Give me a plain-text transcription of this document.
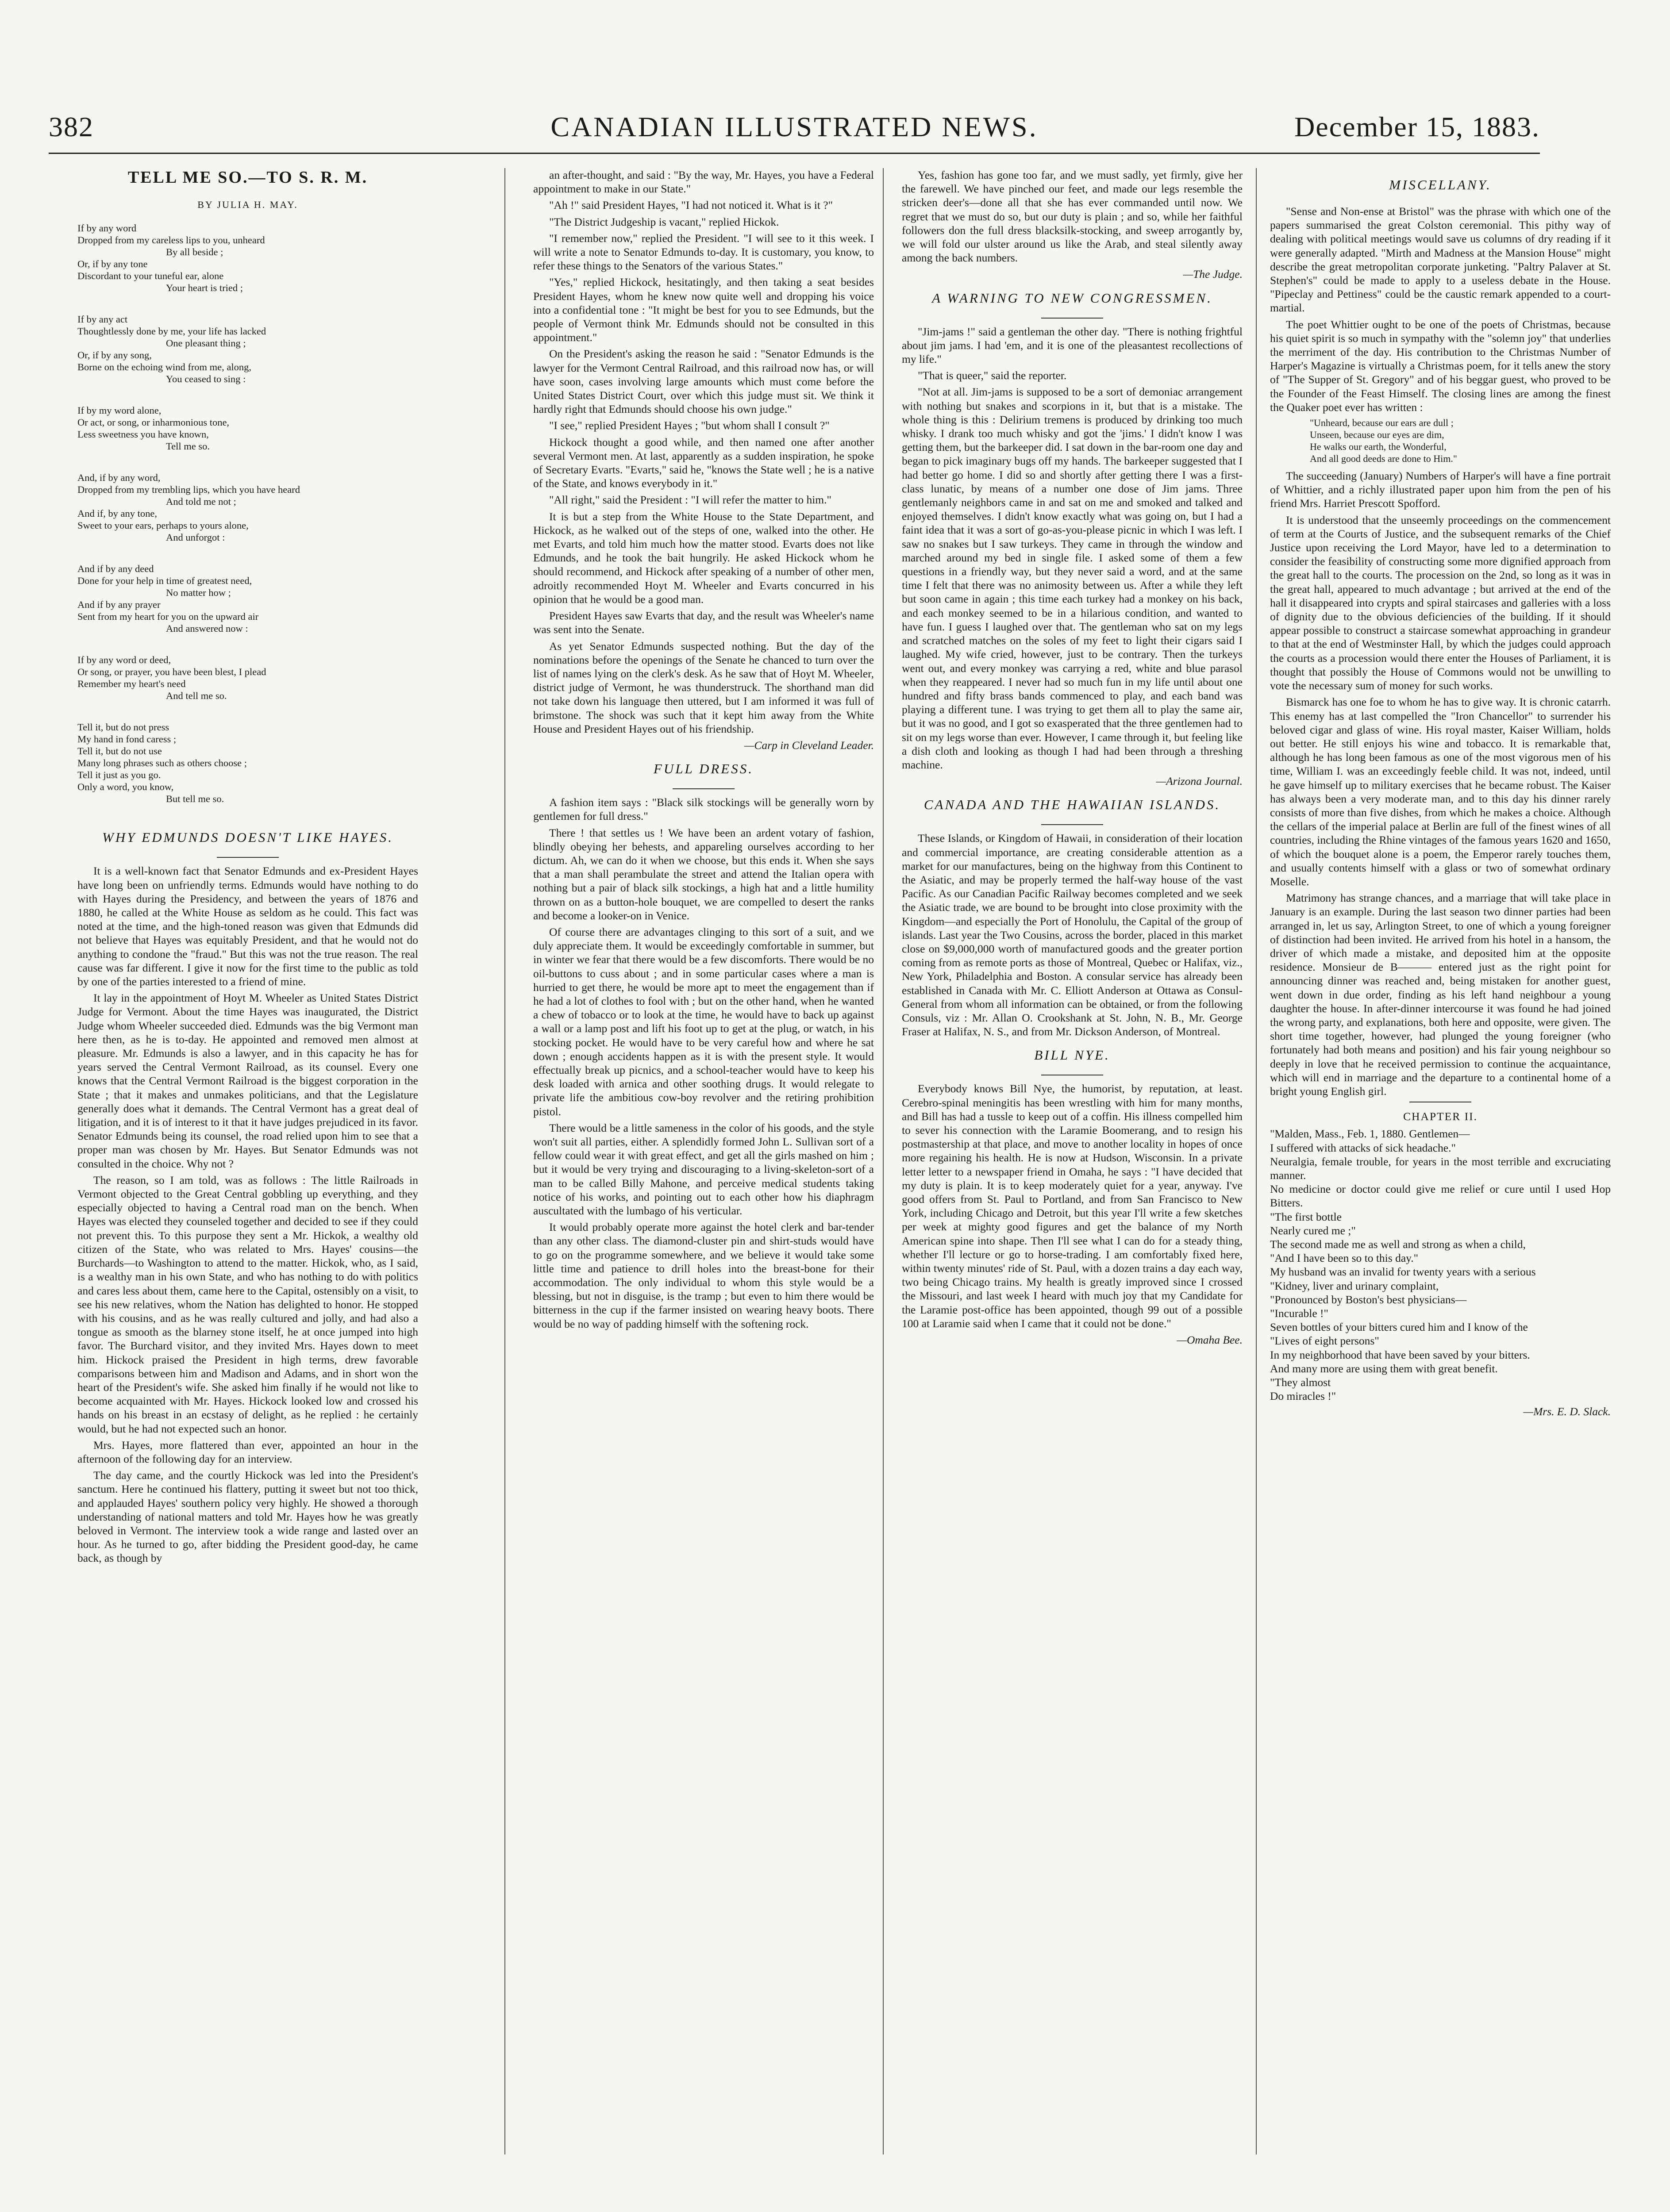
382	CANADIAN ILLUSTRATED NEWS.	December 15, 1883.
TELL ME SO.—TO S. R. M.
BY JULIA H. MAY.
If by any word
Dropped from my careless lips to you, unheard
By all beside ;
Or, if by any tone
Discordant to your tuneful ear, alone
Your heart is tried ;
If by any act
Thoughtlessly done by me, your life has lacked
One pleasant thing ;
Or, if by any song,
Borne on the echoing wind from me, along,
You ceased to sing :
If by my word alone,
Or act, or song, or inharmonious tone,
Less sweetness you have known,
Tell me so.
And, if by any word,
Dropped from my trembling lips, which you have heard
And told me not ;
And if, by any tone,
Sweet to your ears, perhaps to yours alone,
And unforgot :
And if by any deed
Done for your help in time of greatest need,
No matter how ;
And if by any prayer
Sent from my heart for you on the upward air
And answered now :
If by any word or deed,
Or song, or prayer, you have been blest, I plead
Remember my heart's need
And tell me so.
Tell it, but do not press
My hand in fond caress ;
Tell it, but do not use
Many long phrases such as others choose ;
Tell it just as you go.
Only a word, you know,
But tell me so.
WHY EDMUNDS DOESN'T LIKE HAYES.

It is a well-known fact that Senator Edmunds and ex-President Hayes have long been on unfriendly terms. Edmunds would have nothing to do with Hayes during the Presidency, and between the years of 1876 and 1880, he called at the White House as seldom as he could. This fact was noted at the time, and the high-toned reason was given that Edmunds did not believe that Hayes was equitably President, and that he would not do anything to condone the "fraud." But this was not the true reason. The real cause was far different. I give it now for the first time to the public as told by one of the parties interested to a friend of mine.

It lay in the appointment of Hoyt M. Wheeler as United States District Judge for Vermont. About the time Hayes was inaugurated, the District Judge whom Wheeler succeeded died. Edmunds was the big Vermont man here then, as he is to-day. He appointed and removed men almost at pleasure. Mr. Edmunds is also a lawyer, and in this capacity he has for years served the Central Vermont Railroad, as its counsel. Every one knows that the Central Vermont Railroad is the biggest corporation in the State ; that it makes and unmakes politicians, and that the Legislature generally does what it demands. The Central Vermont has a great deal of litigation, and it is of interest to it that it have judges prejudiced in its favor. Senator Edmunds being its counsel, the road relied upon him to see that a proper man was chosen by Mr. Hayes. But Senator Edmunds was not consulted in the choice. Why not ?

The reason, so I am told, was as follows : The little Railroads in Vermont objected to the Great Central gobbling up everything, and they especially objected to having a Central road man on the bench. When Hayes was elected they counseled together and decided to see if they could not prevent this. To this purpose they sent a Mr. Hickok, a wealthy old citizen of the State, who was related to Mrs. Hayes' cousins—the Burchards—to Washington to attend to the matter. Hickok, who, as I said, is a wealthy man in his own State, and who has nothing to do with politics and cares less about them, came here to the Capital, ostensibly on a visit, to see his new relatives, whom the Nation has delighted to honor. He stopped with his cousins, and as he was really cultured and jolly, and had also a tongue as smooth as the blarney stone itself, he at once jumped into high favor. The Burchard visitor, and they invited Mrs. Hayes down to meet him. Hickock praised the President in high terms, drew favorable comparisons between him and Madison and Adams, and in short won the heart of the President's wife. She asked him finally if he would not like to become acquainted with Mr. Hayes. Hickock looked low and crossed his hands on his breast in an ecstasy of delight, as he replied : he certainly would, but he had not expected such an honor.

Mrs. Hayes, more flattered than ever, appointed an hour in the afternoon of the following day for an interview.

The day came, and the courtly Hickock was led into the President's sanctum. Here he continued his flattery, putting it sweet but not too thick, and applauded Hayes' southern policy very highly. He showed a thorough understanding of national matters and told Mr. Hayes how he was greatly beloved in Vermont. The interview took a wide range and lasted over an hour. As he turned to go, after bidding the President good-day, he came back, as though by

an after-thought, and said : "By the way, Mr. Hayes, you have a Federal appointment to make in our State."

"Ah !" said President Hayes, "I had not noticed it. What is it ?"

"The District Judgeship is vacant," replied Hickok.

"I remember now," replied the President. "I will see to it this week. I will write a note to Senator Edmunds to-day. It is customary, you know, to refer these things to the Senators of the various States."

"Yes," replied Hickock, hesitatingly, and then taking a seat besides President Hayes, whom he knew now quite well and dropping his voice into a confidential tone : "It might be best for you to see Edmunds, but the people of Vermont think Mr. Edmunds should not be consulted in this appointment."

On the President's asking the reason he said : "Senator Edmunds is the lawyer for the Vermont Central Railroad, and this railroad now has, or will have soon, cases involving large amounts which must come before the United States District Court, over which this judge must sit. We think it hardly right that Edmunds should choose his own judge."

"I see," replied President Hayes ; "but whom shall I consult ?"

Hickock thought a good while, and then named one after another several Vermont men. At last, apparently as a sudden inspiration, he spoke of Secretary Evarts. "Evarts," said he, "knows the State well ; he is a native of the State, and knows everybody in it."

"All right," said the President : "I will refer the matter to him."

It is but a step from the White House to the State Department, and Hickock, as he walked out of the steps of one, walked into the other. He met Evarts, and told him much how the matter stood. Evarts does not like Edmunds, and he took the bait hungrily. He asked Hickock whom he should recommend, and Hickock after speaking of a number of other men, adroitly recommended Hoyt M. Wheeler and Evarts concurred in his opinion that he would be a good man.

President Hayes saw Evarts that day, and the result was Wheeler's name was sent into the Senate.

As yet Senator Edmunds suspected nothing. But the day of the nominations before the openings of the Senate he chanced to turn over the list of names lying on the clerk's desk. As he saw that of Hoyt M. Wheeler, district judge of Vermont, he was thunderstruck. The shorthand man did not take down his language then uttered, but I am informed it was full of brimstone. The shock was such that it kept him away from the White House and President Hayes out of his friendship.

—Carp in Cleveland Leader.
FULL DRESS.

A fashion item says : "Black silk stockings will be generally worn by gentlemen for full dress."

There ! that settles us ! We have been an ardent votary of fashion, blindly obeying her behests, and appareling ourselves according to her dictum. Ah, we can do it when we choose, but this ends it. When she says that a man shall perambulate the street and attend the Italian opera with nothing but a pair of black silk stockings, a high hat and a little humility thrown on as a button-hole bouquet, we are compelled to desert the ranks and become a looker-on in Venice.

Of course there are advantages clinging to this sort of a suit, and we duly appreciate them. It would be exceedingly comfortable in summer, but in winter we fear that there would be a few discomforts. There would be no oil-buttons to cuss about ; and in some particular cases where a man is hurried to get there, he would be more apt to meet the engagement than if he had a lot of clothes to fool with ; but on the other hand, when he wanted a chew of tobacco or to look at the time, he would have to back up against a wall or a lamp post and lift his foot up to get at the plug, or watch, in his stocking pocket. He would have to be very careful how and where he sat down ; enough accidents happen as it is with the present style. It would effectually break up picnics, and a school-teacher would have to keep his desk loaded with arnica and other soothing drugs. It would relegate to private life the ambitious cow-boy revolver and the retiring prohibition pistol.

There would be a little sameness in the color of his goods, and the style won't suit all parties, either. A splendidly formed John L. Sullivan sort of a fellow could wear it with great effect, and get all the girls mashed on him ; but it would be very trying and discouraging to a living-skeleton-sort of a man to be called Billy Mahone, and perceive medical students taking notice of his works, and pointing out to each other how his diaphragm auscultated with the lumbago of his verticular.

It would probably operate more against the hotel clerk and bar-tender than any other class. The diamond-cluster pin and shirt-studs would have to go on the programme somewhere, and we believe it would take some little time and patience to drill holes into the breast-bone for their accommodation. The only individual to whom this style would be a blessing, but not in disguise, is the tramp ; but even to him there would be bitterness in the cup if the farmer insisted on wearing heavy boots. There would be no way of padding himself with the softening rock.

Yes, fashion has gone too far, and we must sadly, yet firmly, give her the farewell. We have pinched our feet, and made our legs resemble the stricken deer's—done all that she has ever commanded until now. We regret that we must do so, but our duty is plain ; and so, while her faithful followers don the full dress blacksilk-stocking, and sweep arrogantly by, we will fold our ulster around us like the Arab, and steal silently away among the back numbers.

—The Judge.
A WARNING TO NEW CONGRESSMEN.

"Jim-jams !" said a gentleman the other day. "There is nothing frightful about jim jams. I had 'em, and it is one of the pleasantest recollections of my life."

"That is queer," said the reporter.

"Not at all. Jim-jams is supposed to be a sort of demoniac arrangement with nothing but snakes and scorpions in it, but that is a mistake. The whole thing is this : Delirium tremens is produced by drinking too much whisky. I drank too much whisky and got the 'jims.' I didn't know I was getting them, but the barkeeper did. I sat down in the bar-room one day and began to pick imaginary bugs off my hands. The barkeeper suggested that I had better go home. I did so and shortly after getting there I was a first-class lunatic, by means of a number one dose of Jim jams. Three gentlemanly neighbors came in and sat on me and smoked and talked and enjoyed themselves. I didn't know exactly what was going on, but I had a faint idea that it was a sort of go-as-you-please picnic in which I was left. I saw no snakes but I saw turkeys. They came in through the window and marched around my bed in single file. I asked some of them a few questions in a friendly way, but they never said a word, and at the same time I felt that there was no animosity between us. After a while they left but soon came in again ; this time each turkey had a monkey on his back, and each monkey seemed to be in a hilarious condition, and wanted to have fun. I guess I laughed over that. The gentleman who sat on my legs and scratched matches on the soles of my feet to light their cigars said I laughed. My wife cried, however, just to be contrary. Then the turkeys went out, and every monkey was carrying a red, white and blue parasol when they reappeared. I never had so much fun in my life until about one hundred and fifty brass bands commenced to play, and each band was playing a different tune. I was trying to get them all to play the same air, but it was no good, and I got so exasperated that the three gentlemen had to sit on my legs worse than ever. However, I came through it, but feeling like a dish cloth and looking as though I had had been through a threshing machine.

—Arizona Journal.
CANADA AND THE HAWAIIAN ISLANDS.

These Islands, or Kingdom of Hawaii, in consideration of their location and commercial importance, are creating considerable attention as a market for our manufactures, being on the highway from this Continent to the Asiatic, and may be properly termed the half-way house of the vast Pacific. As our Canadian Pacific Railway becomes completed and we seek the Asiatic trade, we are bound to be brought into close proximity with the Kingdom—and especially the Port of Honolulu, the Capital of the group of islands. Last year the Two Cousins, across the border, placed in this market close on $9,000,000 worth of manufactured goods and the greater portion coming from as remote ports as those of Montreal, Quebec or Halifax, viz., New York, Philadelphia and Boston. A consular service has already been established in Canada with Mr. C. Elliott Anderson at Ottawa as Consul-General from whom all information can be obtained, or from the following Consuls, viz : Mr. Allan O. Crookshank at St. John, N. B., Mr. George Fraser at Halifax, N. S., and from Mr. Dickson Anderson, of Montreal.

BILL NYE.

Everybody knows Bill Nye, the humorist, by reputation, at least. Cerebro-spinal meningitis has been wrestling with him for many months, and Bill has had a tussle to keep out of a coffin. His illness compelled him to sever his connection with the Laramie Boomerang, and to resign his postmastership at that place, and move to another locality in hopes of once more regaining his health. He is now at Hudson, Wisconsin. In a private letter letter to a newspaper friend in Omaha, he says : "I have decided that my duty is plain. It is to keep moderately quiet for a year, anyway. I've good offers from St. Paul to Portland, and from San Francisco to New York, including Chicago and Detroit, but this year I'll write a few sketches per week at mighty good figures and get the balance of my North American spine into shape. Then I'll see what I can do for a steady thing, whether I'll lecture or go to horse-trading. I am comfortably fixed here, within twenty minutes' ride of St. Paul, with a dozen trains a day each way, two being Chicago trains. My health is greatly improved since I crossed the Missouri, and last week I heard with much joy that my Candidate for the Laramie post-office has been appointed, though 99 out of a possible 100 at Laramie said when I came that it could not be done."

—Omaha Bee.
MISCELLANY.

"Sense and Non-ense at Bristol" was the phrase with which one of the papers summarised the great Colston ceremonial. This pithy way of dealing with political meetings would save us columns of dry reading if it were generally adapted. "Mirth and Madness at the Mansion House" might describe the great metropolitan corporate junketing. "Paltry Palaver at St. Stephen's" could be made to apply to a useless debate in the House. "Pipeclay and Pettiness" could be the caustic remark appended to a court-martial.

The poet Whittier ought to be one of the poets of Christmas, because his quiet spirit is so much in sympathy with the "solemn joy" that underlies the merriment of the day. His contribution to the Christmas Number of Harper's Magazine is virtually a Christmas poem, for it tells anew the story of "The Supper of St. Gregory" and of his beggar guest, who proved to be the Founder of the Feast Himself. The closing lines are among the finest the Quaker poet ever has written :

"Unheard, because our ears are dull ;
Unseen, because our eyes are dim,
He walks our earth, the Wonderful,
And all good deeds are done to Him."

The succeeding (January) Numbers of Harper's will have a fine portrait of Whittier, and a richly illustrated paper upon him from the pen of his friend Mrs. Harriet Prescott Spofford.

It is understood that the unseemly proceedings on the commencement of term at the Courts of Justice, and the subsequent remarks of the Chief Justice upon receiving the Lord Mayor, have led to a determination to consider the feasibility of constructing some more dignified approach from the great hall to the courts. The procession on the 2nd, so long as it was in the great hall, appeared to much advantage ; but arrived at the end of the hall it disappeared into crypts and spiral staircases and galleries with a loss of dignity due to the obvious deficiencies of the building. If it should appear possible to construct a staircase somewhat approaching in grandeur to that at the end of Westminster Hall, by which the judges could approach the courts as a procession would there enter the Houses of Parliament, it is thought that possibly the House of Commons would not be unwilling to vote the necessary sum of money for such works.

Bismarck has one foe to whom he has to give way. It is chronic catarrh. This enemy has at last compelled the "Iron Chancellor" to surrender his beloved cigar and glass of wine. His royal master, Kaiser William, holds out better. He still enjoys his wine and tobacco. It is remarkable that, although he has long been famous as one of the most vigorous men of his time, William I. was an exceedingly feeble child. It was not, indeed, until he gave himself up to military exercises that he became robust. The Kaiser has always been a very moderate man, and to this day his dinner rarely consists of more than five dishes, from which he makes a choice. Although the cellars of the imperial palace at Berlin are full of the finest wines of all countries, including the Rhine vintages of the famous years 1620 and 1650, of which the bouquet alone is a poem, the Emperor rarely touches them, and usually contents himself with a glass or two of somewhat ordinary Moselle.

Matrimony has strange chances, and a marriage that will take place in January is an example. During the last season two dinner parties had been arranged in, let us say, Arlington Street, to one of which a young foreigner of distinction had been invited. He arrived from his hotel in a hansom, the driver of which made a mistake, and deposited him at the opposite residence. Monsieur de B——— entered just as the right point for announcing dinner was reached and, being mistaken for another guest, went down in due order, finding as his left hand neighbour a young daughter the house. In after-dinner intercourse it was found he had joined the wrong party, and explanations, both here and opposite, were given. The short time together, however, had plunged the young foreigner (who fortunately had both means and position) and his fair young neighbour so deeply in love that he received permission to continue the acquaintance, which will end in marriage and the departure to a continental home of a bright young English girl.

CHAPTER II.
"Malden, Mass., Feb. 1, 1880. Gentlemen—
I suffered with attacks of sick headache."
Neuralgia, female trouble, for years in the most terrible and excruciating manner.
No medicine or doctor could give me relief or cure until I used Hop Bitters.
"The first bottle
Nearly cured me ;"
The second made me as well and strong as when a child,
"And I have been so to this day."
My husband was an invalid for twenty years with a serious
"Kidney, liver and urinary complaint,
"Pronounced by Boston's best physicians—
"Incurable !"
Seven bottles of your bitters cured him and I know of the
"Lives of eight persons"
In my neighborhood that have been saved by your bitters.
And many more are using them with great benefit.
"They almost
Do miracles !"
—Mrs. E. D. Slack.
